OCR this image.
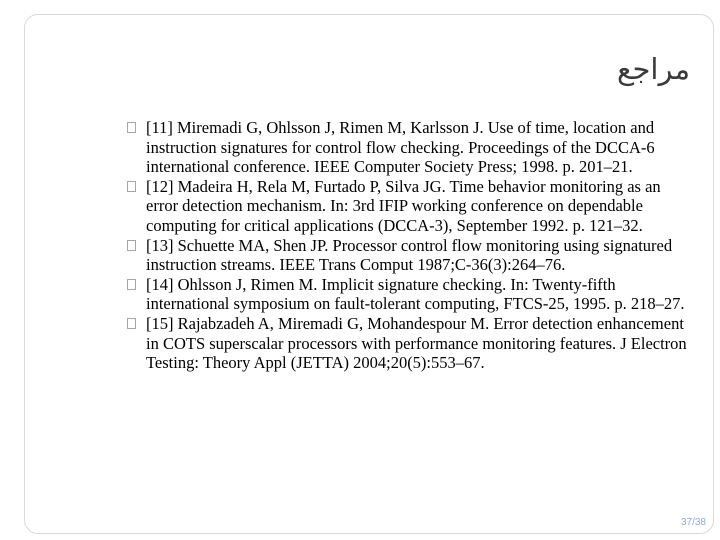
مراجع
[11] Miremadi G, Ohlsson J, Rimen M, Karlsson J. Use of time, location and instruction signatures for control flow checking. Proceedings of the DCCA-6 international conference. IEEE Computer Society Press; 1998. p. 201–21.
[12] Madeira H, Rela M, Furtado P, Silva JG. Time behavior monitoring as an error detection mechanism. In: 3rd IFIP working conference on dependable computing for critical applications (DCCA-3), September 1992. p. 121–32.
[13] Schuette MA, Shen JP. Processor control flow monitoring using signatured instruction streams. IEEE Trans Comput 1987;C-36(3):264–76.
[14] Ohlsson J, Rimen M. Implicit signature checking. In: Twenty-fifth international symposium on fault-tolerant computing, FTCS-25, 1995. p. 218–27.
[15] Rajabzadeh A, Miremadi G, Mohandespour M. Error detection enhancement in COTS superscalar processors with performance monitoring features. J Electron Testing: Theory Appl (JETTA) 2004;20(5):553–67.
37/38
